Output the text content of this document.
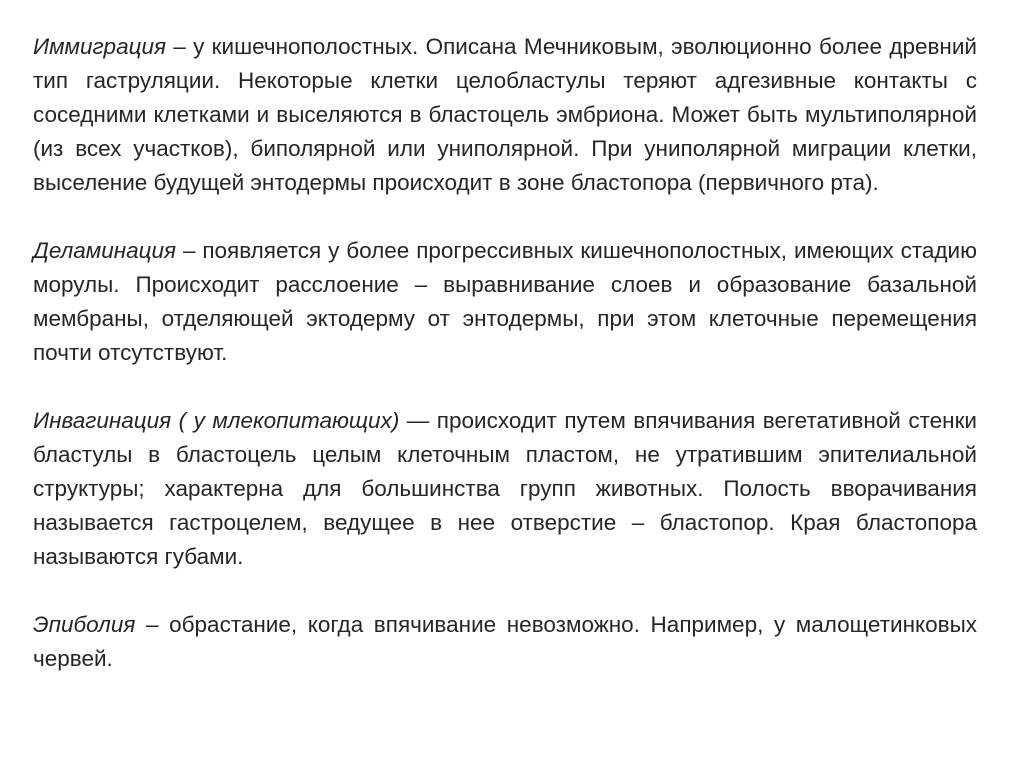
Иммиграция – у кишечнополостных. Описана Мечниковым, эволюционно более древний тип гаструляции. Некоторые клетки целобластулы теряют адгезивные контакты с соседними клетками и выселяются в бластоцель эмбриона. Может быть мультиполярной (из всех участков), биполярной или униполярной. При униполярной миграции клетки, выселение будущей энтодермы происходит в зоне бластопора (первичного рта).

Деламинация – появляется у более прогрессивных кишечнополостных, имеющих стадию морулы. Происходит расслоение – выравнивание слоев и образование базальной мембраны, отделяющей эктодерму от энтодермы, при этом клеточные перемещения почти отсутствуют.

Инвагинация ( у млекопитающих) — происходит путем впячивания вегетативной стенки бластулы в бластоцель целым клеточным пластом, не утратившим эпителиальной структуры; характерна для большинства групп животных. Полость вворачивания называется гастроцелем, ведущее в нее отверстие – бластопор. Края бластопора называются губами.

Эпиболия – обрастание, когда впячивание невозможно. Например, у малощетинковых червей.
